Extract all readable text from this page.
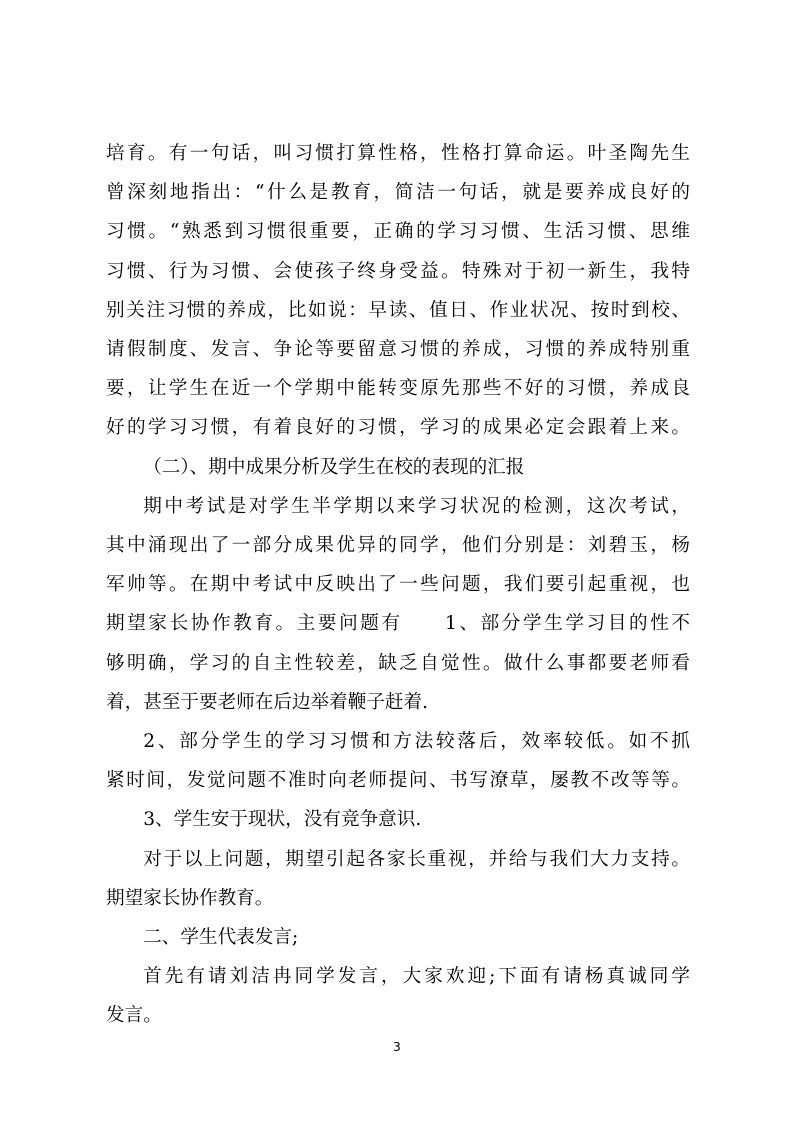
培育。有一句话，叫习惯打算性格，性格打算命运。叶圣陶先生
曾深刻地指出：“什么是教育，简洁一句话，就是要养成良好的
习惯。“熟悉到习惯很重要，正确的学习习惯、生活习惯、思维
习惯、行为习惯、会使孩子终身受益。特殊对于初一新生，我特
别关注习惯的养成，比如说：早读、值日、作业状况、按时到校、
请假制度、发言、争论等要留意习惯的养成，习惯的养成特别重
要，让学生在近一个学期中能转变原先那些不好的习惯，养成良
好的学习习惯，有着良好的习惯，学习的成果必定会跟着上来。
（二）、期中成果分析及学生在校的表现的汇报
期中考试是对学生半学期以来学习状况的检测，这次考试，
其中涌现出了一部分成果优异的同学，他们分别是：刘碧玉，杨
军帅等。在期中考试中反映出了一些问题，我们要引起重视，也
期望家长协作教育。主要问题有　　1、部分学生学习目的性不
够明确，学习的自主性较差，缺乏自觉性。做什么事都要老师看
着，甚至于要老师在后边举着鞭子赶着.
2、部分学生的学习习惯和方法较落后，效率较低。如不抓
紧时间，发觉问题不准时向老师提问、书写潦草，屡教不改等等。
3、学生安于现状，没有竞争意识.
对于以上问题，期望引起各家长重视，并给与我们大力支持。
期望家长协作教育。
二、学生代表发言;
首先有请刘洁冉同学发言，大家欢迎;下面有请杨真诚同学
发言。
3
